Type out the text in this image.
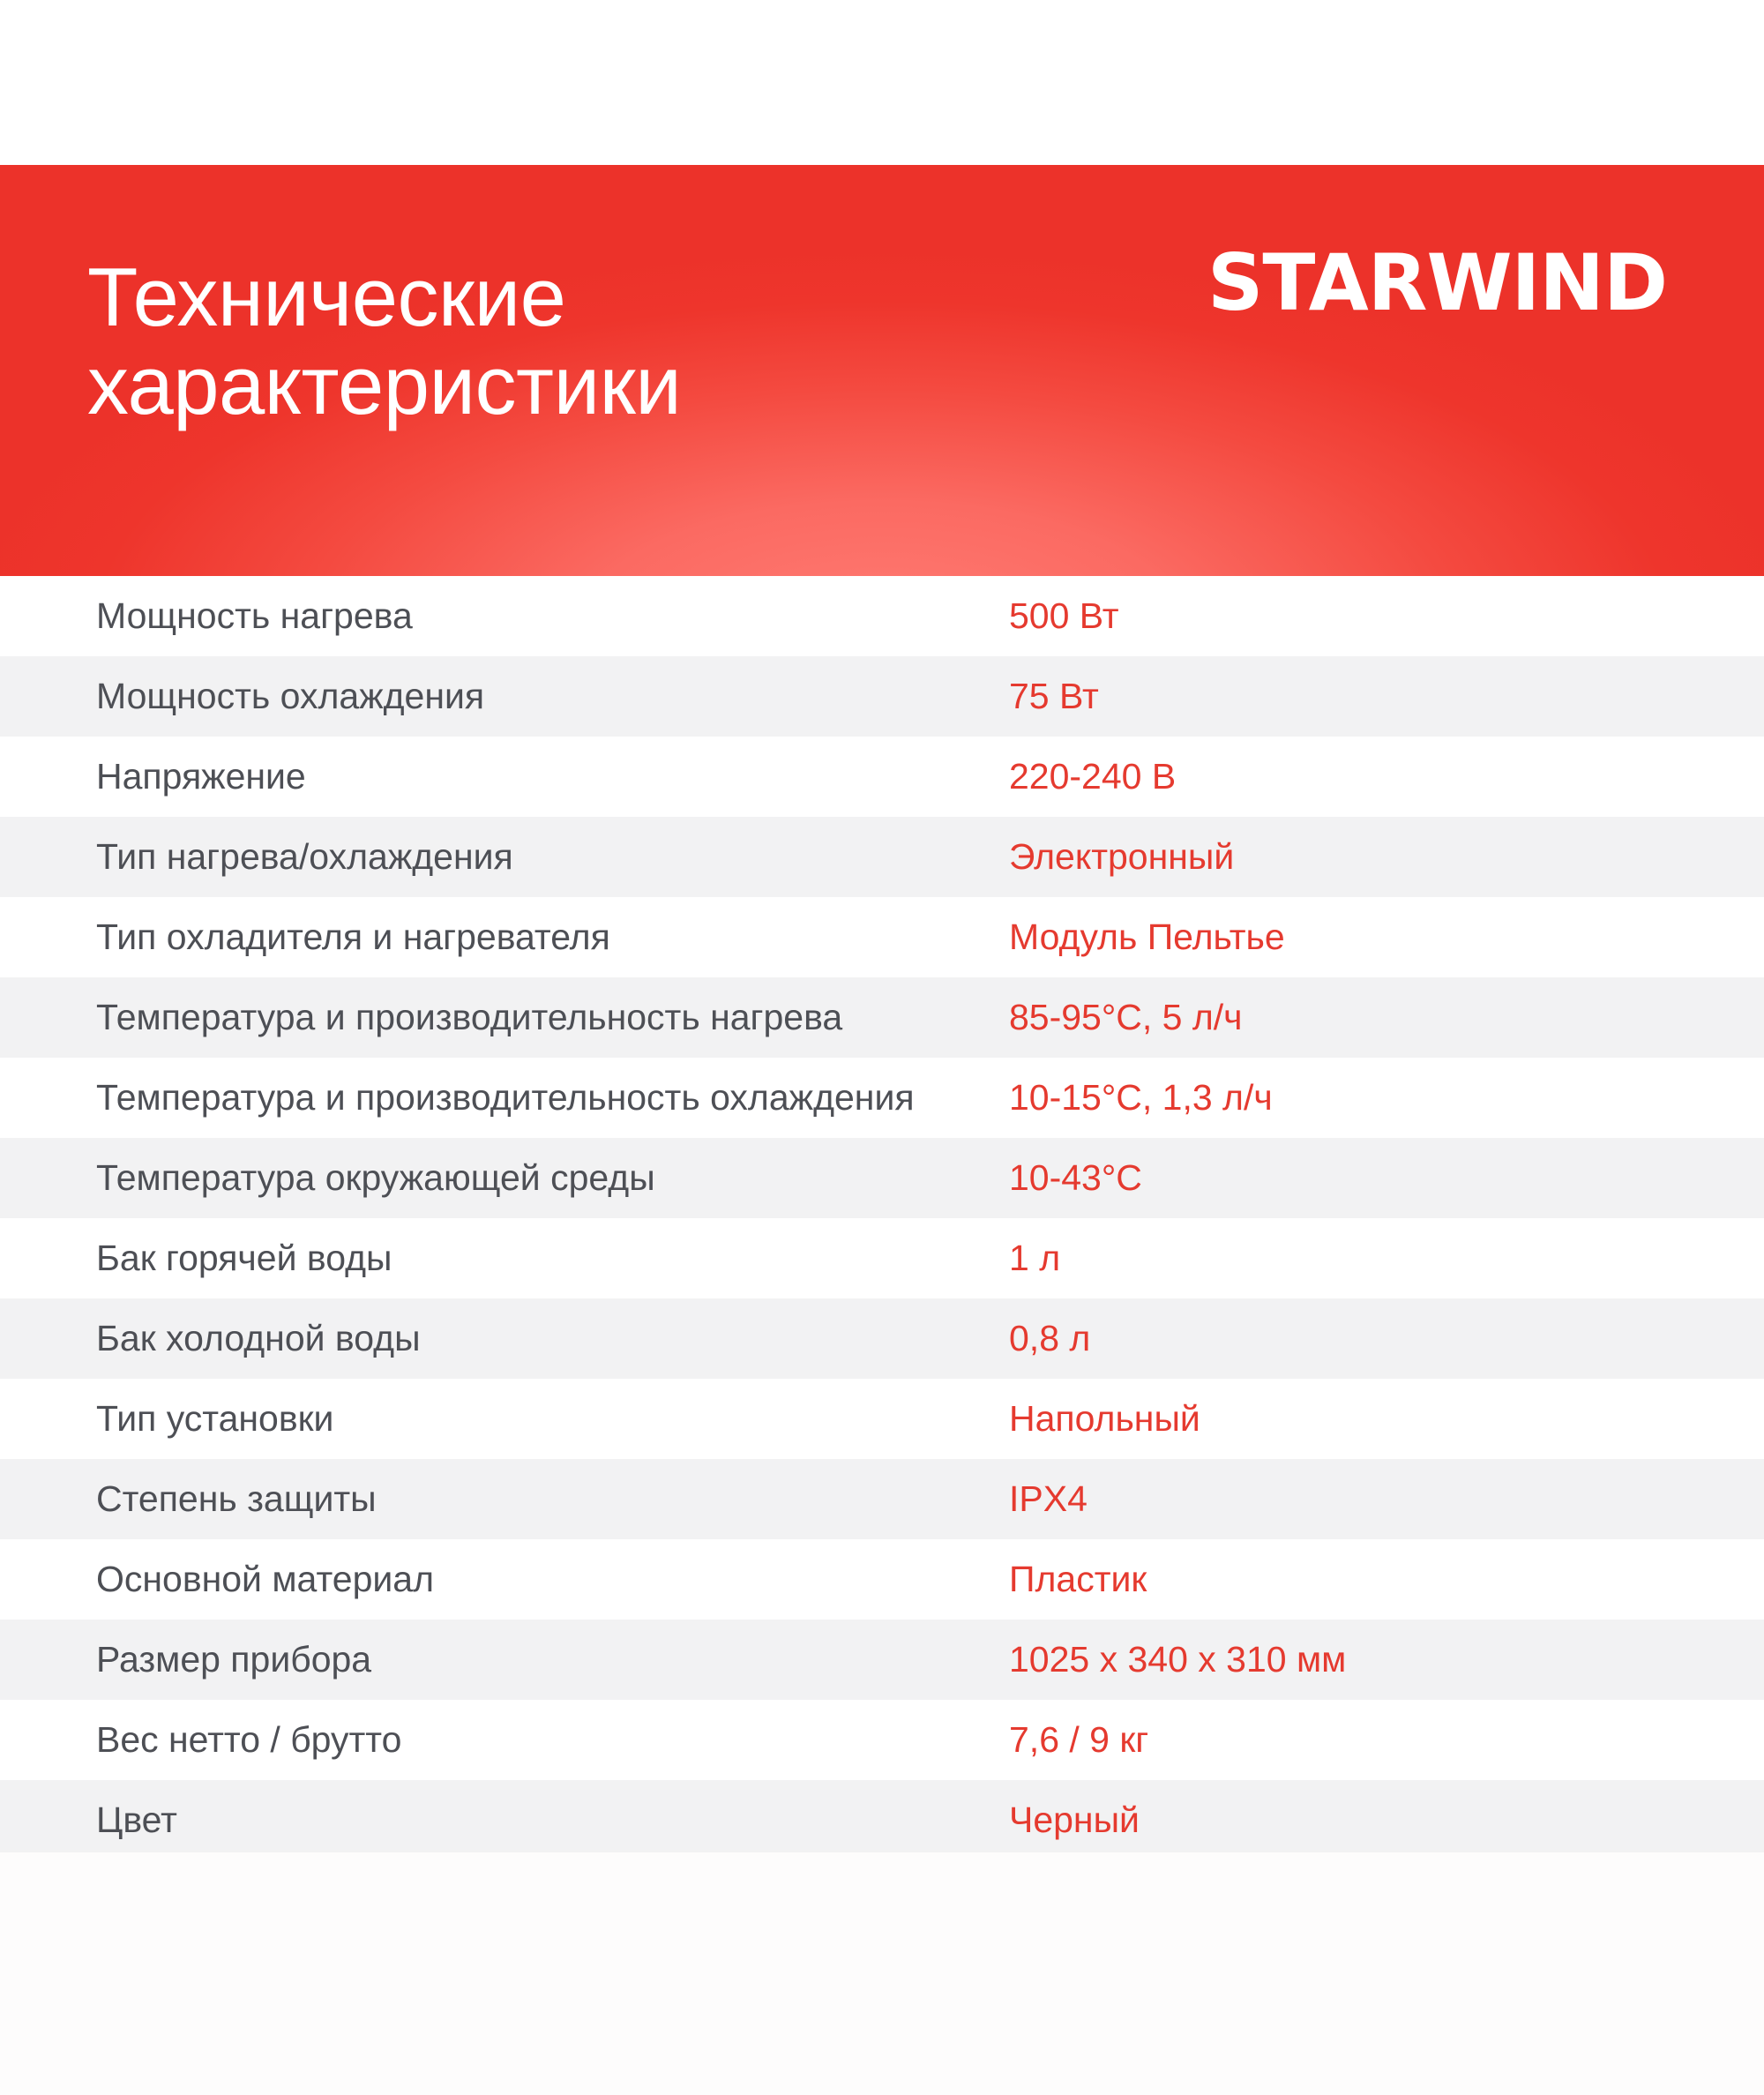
Технические
характеристики
STARWIND
Мощность нагрева	500 Вт
Мощность охлаждения	75 Вт
Напряжение	220-240 В
Тип нагрева/охлаждения	Электронный
Тип охладителя и нагревателя	Модуль Пельтье
Температура и производительность нагрева	85-95°C, 5 л/ч
Температура и производительность охлаждения	10-15°C, 1,3 л/ч
Температура окружающей среды	10-43°C
Бак горячей воды	1 л
Бак холодной воды	0,8 л
Тип установки	Напольный
Степень защиты	IPX4
Основной материал	Пластик
Размер прибора	1025 х 340 х 310 мм
Вес нетто / брутто	7,6 / 9 кг
Цвет	Черный
